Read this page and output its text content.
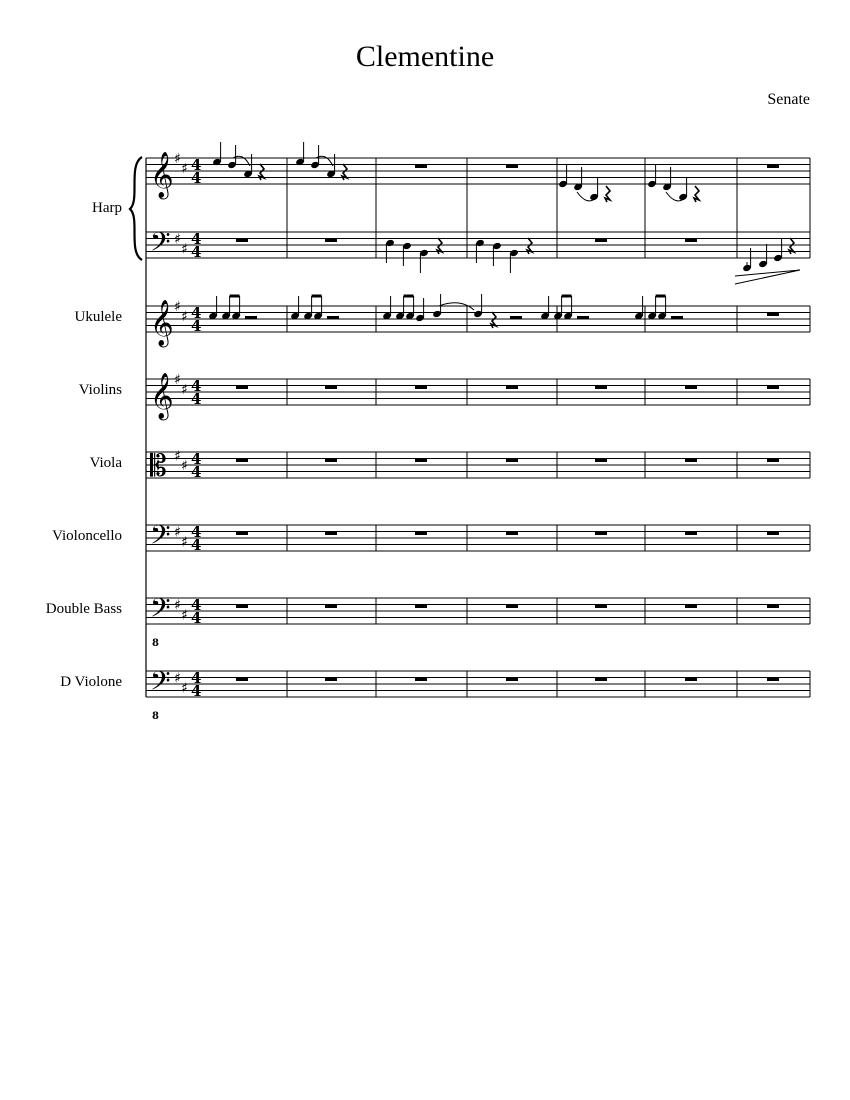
Clementine
Senate
Harp
Ukulele
Violins
Viola
Violoncello
Double Bass
D Violone
𝄞
𝄢
𝄞
𝄞
𝄡
𝄢
𝄢
𝄢
♯
♯ 4
4
♯
♯
4
4
♯
♯ 4
4
♯
♯ 4
4
♯
♯ 4
4
♯
♯
4
4
♯
♯
4
4
♯
♯
4
4
8
8
